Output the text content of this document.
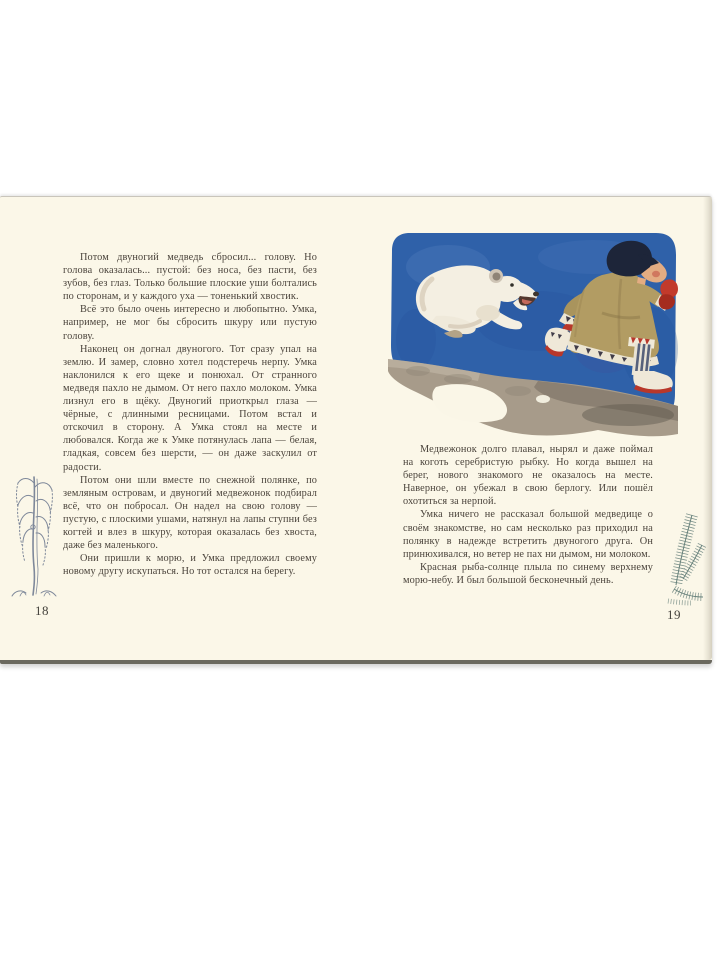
Потом двуногий медведь сбросил... голову. Но голова оказалась... пустой: без носа, без пасти, без зубов, без глаз. Только большие плоские уши болтались по сторонам, и у каждого уха — тоненький хвостик.

Всё это было очень интересно и любопытно. Умка, например, не мог бы сбросить шкуру или пустую голову.

Наконец он догнал двуногого. Тот сразу упал на землю. И замер, словно хотел подстеречь нерпу. Умка наклонился к его щеке и понюхал. От странного медведя пахло не дымом. От него пахло молоком. Умка лизнул его в щёку. Двуногий приоткрыл глаза — чёрные, с длинными ресницами. Потом встал и отскочил в сторону. А Умка стоял на месте и любовался. Когда же к Умке потянулась лапа — белая, гладкая, совсем без шерсти, — он даже заскулил от радости.

Потом они шли вместе по снежной полянке, по земляным островам, и двуногий медвежонок подбирал всё, что он побросал. Он надел на свою голову — пустую, с плоскими ушами, натянул на лапы ступни без когтей и влез в шкуру, которая оказалась без хвоста, даже без маленького.

Они пришли к морю, и Умка предложил своему новому другу искупаться. Но тот остался на берегу.

18

Медвежонок долго плавал, нырял и даже поймал на коготь серебристую рыбку. Но когда вышел на берег, нового знакомого не оказалось на месте. Наверное, он убежал в свою берлогу. Или пошёл охотиться за нерпой.

Умка ничего не рассказал большой медведице о своём знакомстве, но сам несколько раз приходил на полянку в надежде встретить двуногого друга. Он принюхивался, но ветер не пах ни дымом, ни молоком.

Красная рыба-солнце плыла по синему верхнему морю-небу. И был большой бесконечный день.

19
